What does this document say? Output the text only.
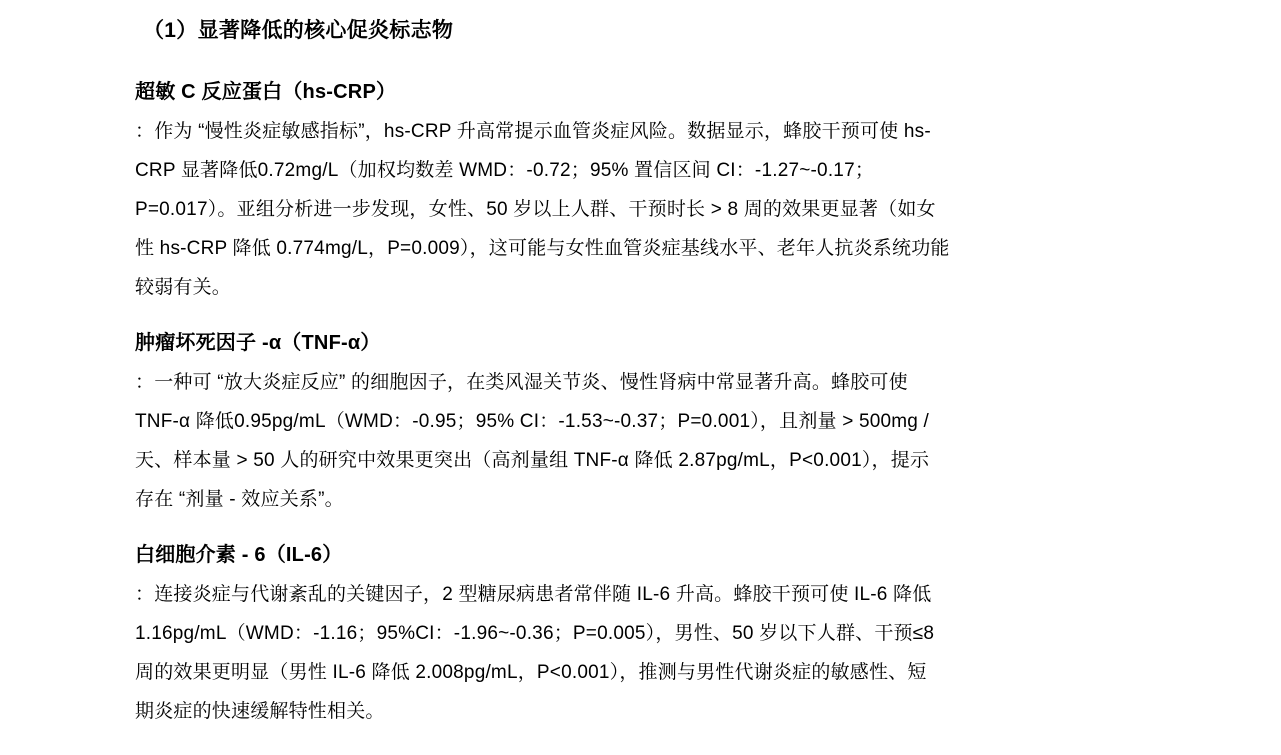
（1）显著降低的核心促炎标志物
超敏 C 反应蛋白（hs-CRP）

：作为 “慢性炎症敏感指标”，hs-CRP 升高常提示血管炎症风险。数据显示，蜂胶干预可使 hs-

CRP 显著降低0.72mg/L（加权均数差 WMD：-0.72；95% 置信区间 CI：-1.27~-0.17；

P=0.017）。亚组分析进一步发现，女性、50 岁以上人群、干预时长 > 8 周的效果更显著（如女

性 hs-CRP 降低 0.774mg/L，P=0.009），这可能与女性血管炎症基线水平、老年人抗炎系统功能

较弱有关。

肿瘤坏死因子 -α（TNF-α）

：一种可 “放大炎症反应” 的细胞因子，在类风湿关节炎、慢性肾病中常显著升高。蜂胶可使

TNF-α 降低0.95pg/mL（WMD：-0.95；95% CI：-1.53~-0.37；P=0.001），且剂量 > 500mg /

天、样本量 > 50 人的研究中效果更突出（高剂量组 TNF-α 降低 2.87pg/mL，P<0.001），提示

存在 “剂量 - 效应关系”。

白细胞介素 - 6（IL-6）

：连接炎症与代谢紊乱的关键因子，2 型糖尿病患者常伴随 IL-6 升高。蜂胶干预可使 IL-6 降低

1.16pg/mL（WMD：-1.16；95%CI：-1.96~-0.36；P=0.005），男性、50 岁以下人群、干预≤8

周的效果更明显（男性 IL-6 降低 2.008pg/mL，P<0.001），推测与男性代谢炎症的敏感性、短

期炎症的快速缓解特性相关。
